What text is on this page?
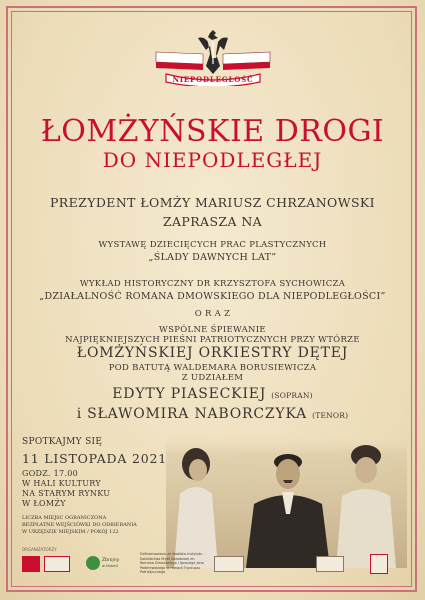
NIEPODLEGŁOŚĆ
ŁOMŻYŃSKIE DROGI
DO NIEPODLEGŁEJ
PREZYDENT ŁOMŻY MARIUSZ CHRZANOWSKI
ZAPRASZA NA
WYSTAWĘ DZIECIĘCYCH PRAC PLASTYCZNYCH
„ŚLADY DAWNYCH LAT”
WYKŁAD HISTORYCZNY DR KRZYSZTOFA SYCHOWICZA
„DZIAŁALNOŚĆ ROMANA DMOWSKIEGO DLA NIEPODLEGŁOŚCI”
O R A Z
WSPÓLNE ŚPIEWANIE
NAJPIĘKNIEJSZYCH PIEŚNI PATRIOTYCZNYCH PRZY WTÓRZE
ŁOMŻYŃSKIEJ ORKIESTRY DĘTEJ
POD BATUTĄ WALDEMARA BORUSIEWICZA
Z UDZIAŁEM
EDYTY PIASECKIEJ (SOPRAN)
i SŁAWOMIRA NABORCZYKA (TENOR)
SPOTKAJMY SIĘ
11 LISTOPADA 2021
GODZ. 17.00
W HALI KULTURY
NA STARYM RYNKU
W ŁOMŻY
LICZBA MIEJSC OGRANICZONA
BEZPŁATNE WEJŚCIÓWKI DO ODBIERANIA
W URZĘDZIE MIEJSKIM / POKÓJ 122
ORGANIZATORZY
Zbrojny
w historii
Dofinansowano ze środków Instytutu Dziedzictwa Myśli Narodowej im. Romana Dmowskiego i Ignacego Jana Paderewskiego w ramach Funduszu Patriotycznego
